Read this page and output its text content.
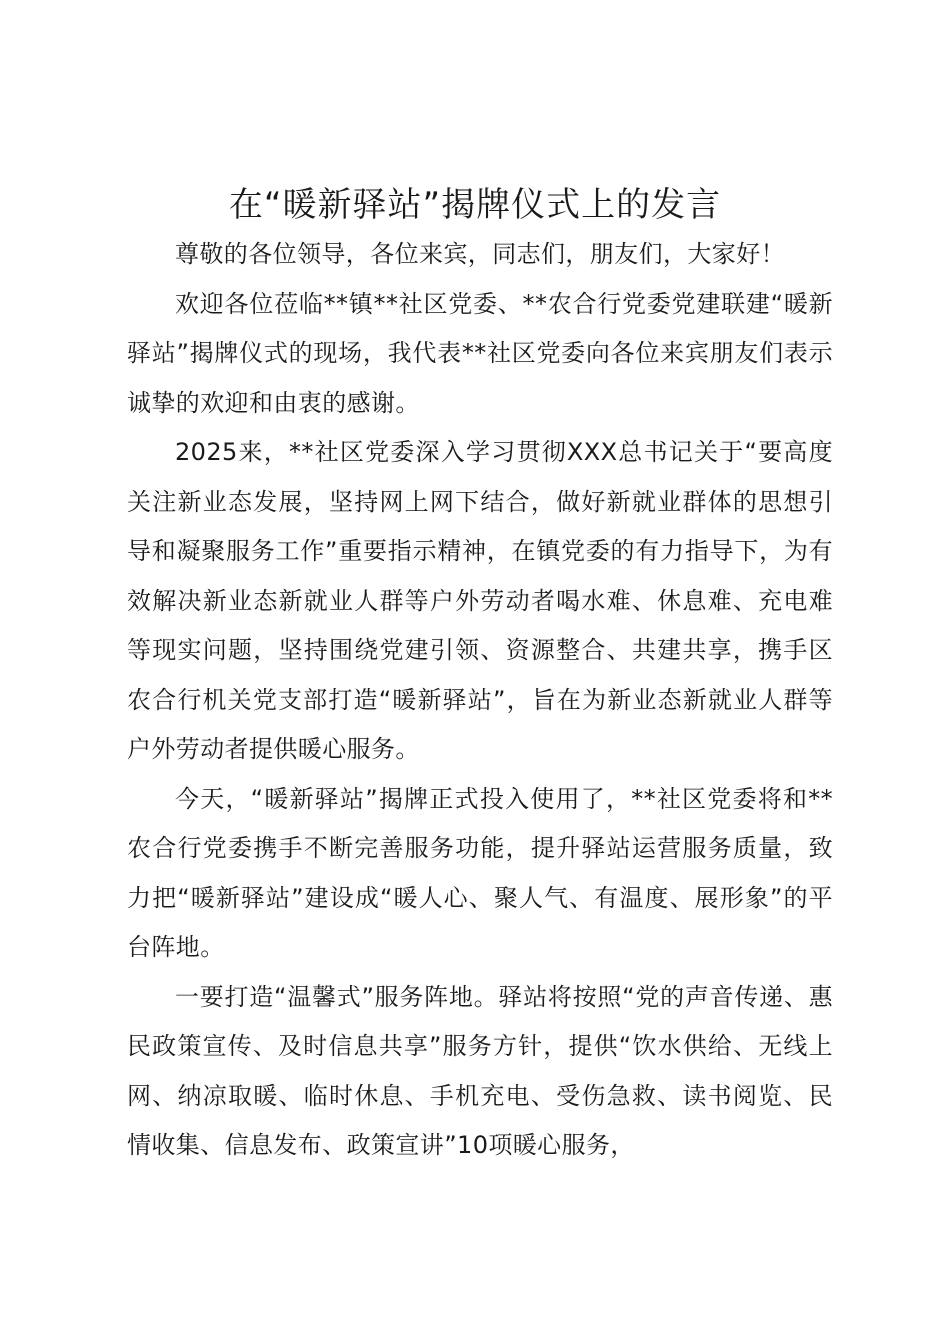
在“暖新驿站”揭牌仪式上的发言

尊敬的各位领导，各位来宾，同志们，朋友们，大家好！

欢迎各位莅临**镇**社区党委、**农合行党委党建联建“暖新驿站”揭牌仪式的现场，我代表**社区党委向各位来宾朋友们表示诚挚的欢迎和由衷的感谢。

2025来，**社区党委深入学习贯彻XXX总书记关于“要高度关注新业态发展，坚持网上网下结合，做好新就业群体的思想引导和凝聚服务工作”重要指示精神，在镇党委的有力指导下，为有效解决新业态新就业人群等户外劳动者喝水难、休息难、充电难等现实问题，坚持围绕党建引领、资源整合、共建共享，携手区农合行机关党支部打造“暖新驿站”，旨在为新业态新就业人群等户外劳动者提供暖心服务。

今天，“暖新驿站”揭牌正式投入使用了，**社区党委将和**农合行党委携手不断完善服务功能，提升驿站运营服务质量，致力把“暖新驿站”建设成“暖人心、聚人气、有温度、展形象”的平台阵地。

一要打造“温馨式”服务阵地。驿站将按照“党的声音传递、惠民政策宣传、及时信息共享”服务方针，提供“饮水供给、无线上网、纳凉取暖、临时休息、手机充电、受伤急救、读书阅览、民情收集、信息发布、政策宣讲”10项暖心服务，
